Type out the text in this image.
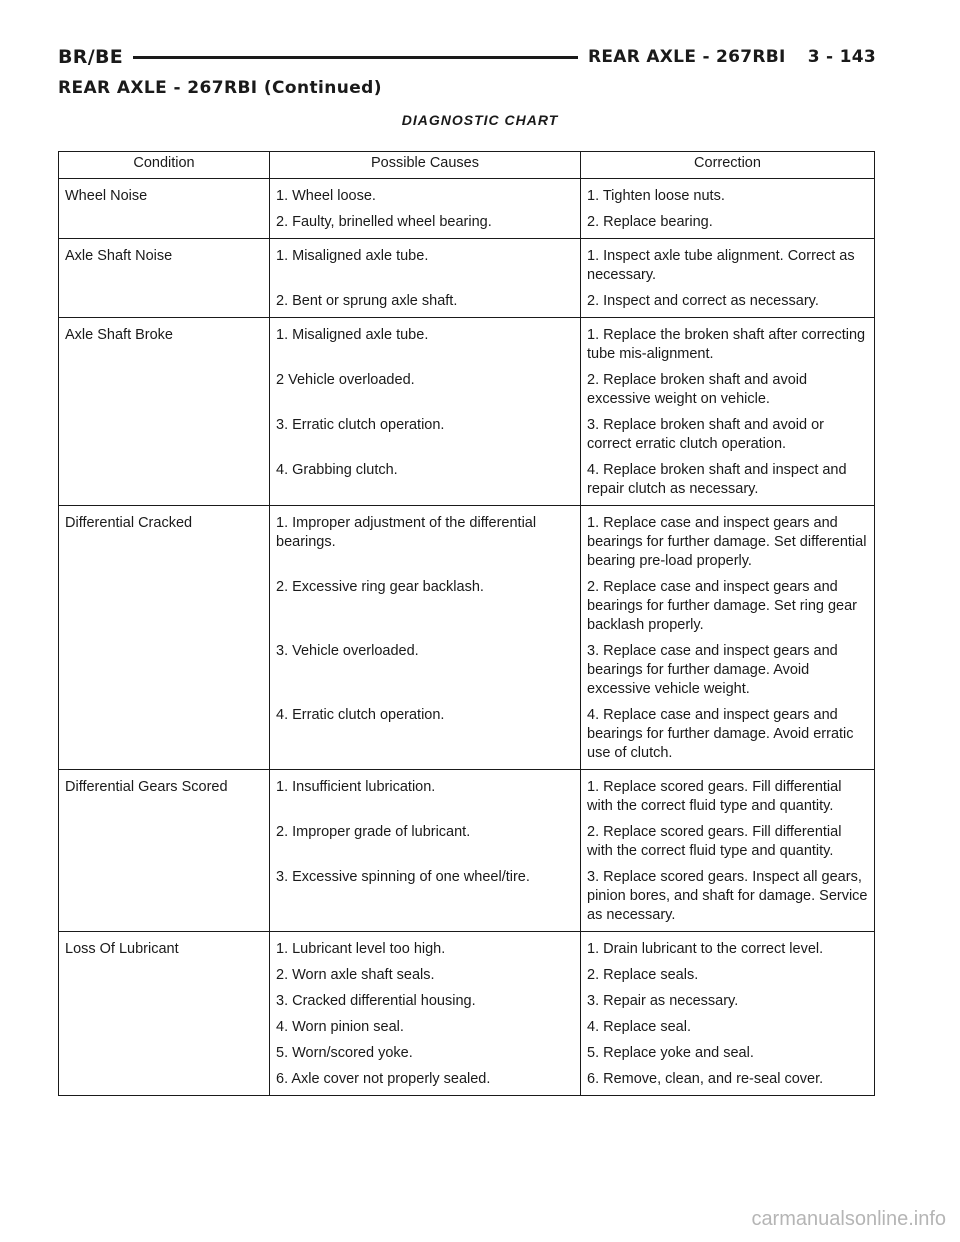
BR/BE	REAR AXLE - 267RBI 3 - 143
REAR AXLE - 267RBI (Continued)
DIAGNOSTIC CHART
Condition	Possible Causes	Correction
Wheel Noise	1. Wheel loose.	1. Tighten loose nuts.
	2. Faulty, brinelled wheel bearing.	2. Replace bearing.
Axle Shaft Noise	1. Misaligned axle tube.	1. Inspect axle tube alignment. Correct as necessary.
	2. Bent or sprung axle shaft.	2. Inspect and correct as necessary.
Axle Shaft Broke	1. Misaligned axle tube.	1. Replace the broken shaft after correcting tube mis-alignment.
	2 Vehicle overloaded.	2. Replace broken shaft and avoid excessive weight on vehicle.
	3. Erratic clutch operation.	3. Replace broken shaft and avoid or correct erratic clutch operation.
	4. Grabbing clutch.	4. Replace broken shaft and inspect and repair clutch as necessary.
Differential Cracked	1. Improper adjustment of the differential bearings.	1. Replace case and inspect gears and bearings for further damage. Set differential bearing pre-load properly.
	2. Excessive ring gear backlash.	2. Replace case and inspect gears and bearings for further damage. Set ring gear backlash properly.
	3. Vehicle overloaded.	3. Replace case and inspect gears and bearings for further damage. Avoid excessive vehicle weight.
	4. Erratic clutch operation.	4. Replace case and inspect gears and bearings for further damage. Avoid erratic use of clutch.
Differential Gears Scored	1. Insufficient lubrication.	1. Replace scored gears. Fill differential with the correct fluid type and quantity.
	2. Improper grade of lubricant.	2. Replace scored gears. Fill differential with the correct fluid type and quantity.
	3. Excessive spinning of one wheel/tire.	3. Replace scored gears. Inspect all gears, pinion bores, and shaft for damage. Service as necessary.
Loss Of Lubricant	1. Lubricant level too high.	1. Drain lubricant to the correct level.
	2. Worn axle shaft seals.	2. Replace seals.
	3. Cracked differential housing.	3. Repair as necessary.
	4. Worn pinion seal.	4. Replace seal.
	5. Worn/scored yoke.	5. Replace yoke and seal.
	6. Axle cover not properly sealed.	6. Remove, clean, and re-seal cover.
carmanualsonline.info
